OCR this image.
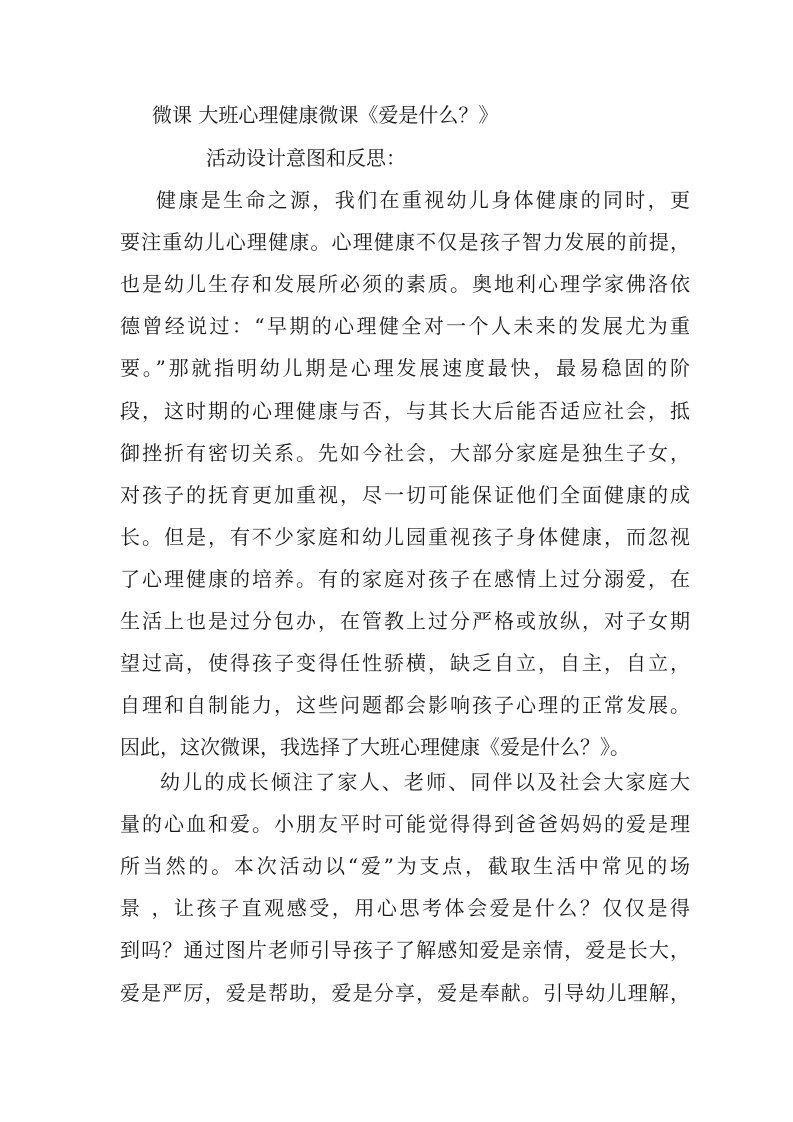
微课 大班心理健康微课《爱是什么？》
活动设计意图和反思：
健康是生命之源，我们在重视幼儿身体健康的同时，更
要注重幼儿心理健康。心理健康不仅是孩子智力发展的前提，
也是幼儿生存和发展所必须的素质。奥地利心理学家佛洛依
德曾经说过：“早期的心理健全对一个人未来的发展尤为重
要。”那就指明幼儿期是心理发展速度最快，最易稳固的阶
段，这时期的心理健康与否，与其长大后能否适应社会，抵
御挫折有密切关系。先如今社会，大部分家庭是独生子女，
对孩子的抚育更加重视，尽一切可能保证他们全面健康的成
长。但是，有不少家庭和幼儿园重视孩子身体健康，而忽视
了心理健康的培养。有的家庭对孩子在感情上过分溺爱，在
生活上也是过分包办，在管教上过分严格或放纵，对子女期
望过高，使得孩子变得任性骄横，缺乏自立，自主，自立，
自理和自制能力，这些问题都会影响孩子心理的正常发展。
因此，这次微课，我选择了大班心理健康《爱是什么？》。
幼儿的成长倾注了家人、老师、同伴以及社会大家庭大
量的心血和爱。小朋友平时可能觉得得到爸爸妈妈的爱是理
所当然的。本次活动以“爱”为支点，截取生活中常见的场
景 ，让孩子直观感受，用心思考体会爱是什么？仅仅是得
到吗？通过图片老师引导孩子了解感知爱是亲情，爱是长大，
爱是严厉，爱是帮助，爱是分享，爱是奉献。引导幼儿理解，
